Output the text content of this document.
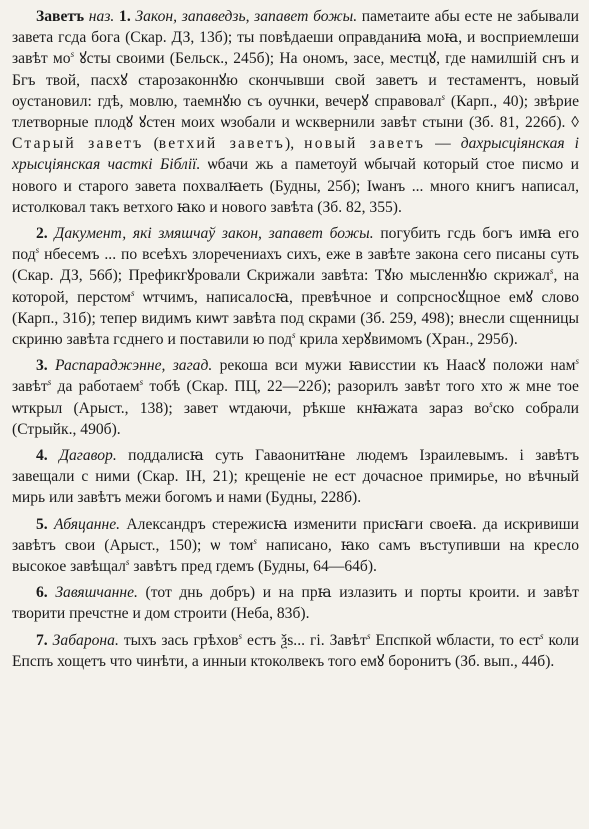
Заветъ наз. 1. Закон, запаведзь, запавет божы. паметаите абы есте не забывали завета гсда бога (Скар. ДЗ, 13б); ты повѣдаеши оправданиꙗ моꙗ, и восприемлеши завѣт $мо^s$ ꙋсты своими (Бельск., 245б); На ономъ, засе, местцꙋ, где намилшій снъ и Бгъ твой, пасхꙋ старозаконнꙋю скончывши свой заветъ и тестаментъ, новый оустановил: гдѣ, мовлю, таемнꙋю съ оучнки, вечерꙋ справовал$^s$ (Карп., 40); звѣрие тлетворные плодꙋ ꙋстен моих ѡзобали и ѡсквернили завѣт стыни (Зб. 81, 226б). ◊ Старый заветъ (ветхий заветъ), новый заветъ — дахрысціянская і хрысціянская часткі Біблії. ѡбачи жь а паметоуй ѡбычай который стое писмо и нового и старого завета похвалꙗеть (Будны, 25б); Іѡанъ ... много книгъ написал, истолковал такъ ветхого ꙗко и нового завѣта (Зб. 82, 355).

2. Дакумент, які змяшчаў закон, запавет божы. погубить гсдь богъ имꙗ его под$^s$ нбесемъ ... по всеѣхъ злоречениахъ сихъ, еже в завѣте закона сего писаны суть (Скар. ДЗ, 56б); Префикгꙋровали Скрижали завѣта: Тꙋю мысленнꙋю скрижал$^s$, на которой, перстом$^s$ ѡтчимъ, написалосꙗ, превѣчное и сопрсносꙋщное емꙋ слово (Карп., 31б); тепер видимъ киѡт завѣта под скрами (Зб. 259, 498); внесли сщенницы скриню завѣта гсднего и поставили ю под$^s$ крила херꙋвимомъ (Хран., 295б).

3. Распараджэнне, загад. рекоша вси мужи ꙗвисстии къ Наасꙋ положи нам$^s$ завѣт$^s$ да работаем$^s$ тобѣ (Скар. ПЦ, 22—22б); разорилъ завѣт того хто ж мне тое ѡткрыл (Арыст., 138); завет ѡтдаючи, рѣкше кнꙗжата зараз $во^sско$ собрали (Стрыйк., 490б).

4. Дагавор. поддалисꙗ суть Гаваонитꙗне людемъ Ізраилевымъ. і завѣтъ завещали с ними (Скар. ІН, 21); крещеніе не ест дочасное примирье, но вѣчный мирь или завѣтъ межи богомъ и нами (Будны, 228б).

5. Абяцанне. Александръ стережисꙗ изменити присꙗги своеꙗ. да искривиши завѣтъ свои (Арыст., 150); ѡ том$^s$ написано, ꙗко самъ въступивши на кресло высокое завѣщал$^s$ завѣтъ пред гдемъ (Будны, 64—64б).

6. Завяшчанне. (тот днь добръ) и на прꙗ излазить и порты кроити. и завѣт творити пречстне и дом строити (Неба, 83б).

7. Забарона. тыхъ зась грѣхов$^s$ естъ ѯѕ... гі. Завѣт$^s$ Епспкой ѡбласти, то ест$^s$ коли Епспъ хощетъ что чинѣти, а инныи ктоколвекъ того емꙋ боронитъ (Зб. вып., 44б).
